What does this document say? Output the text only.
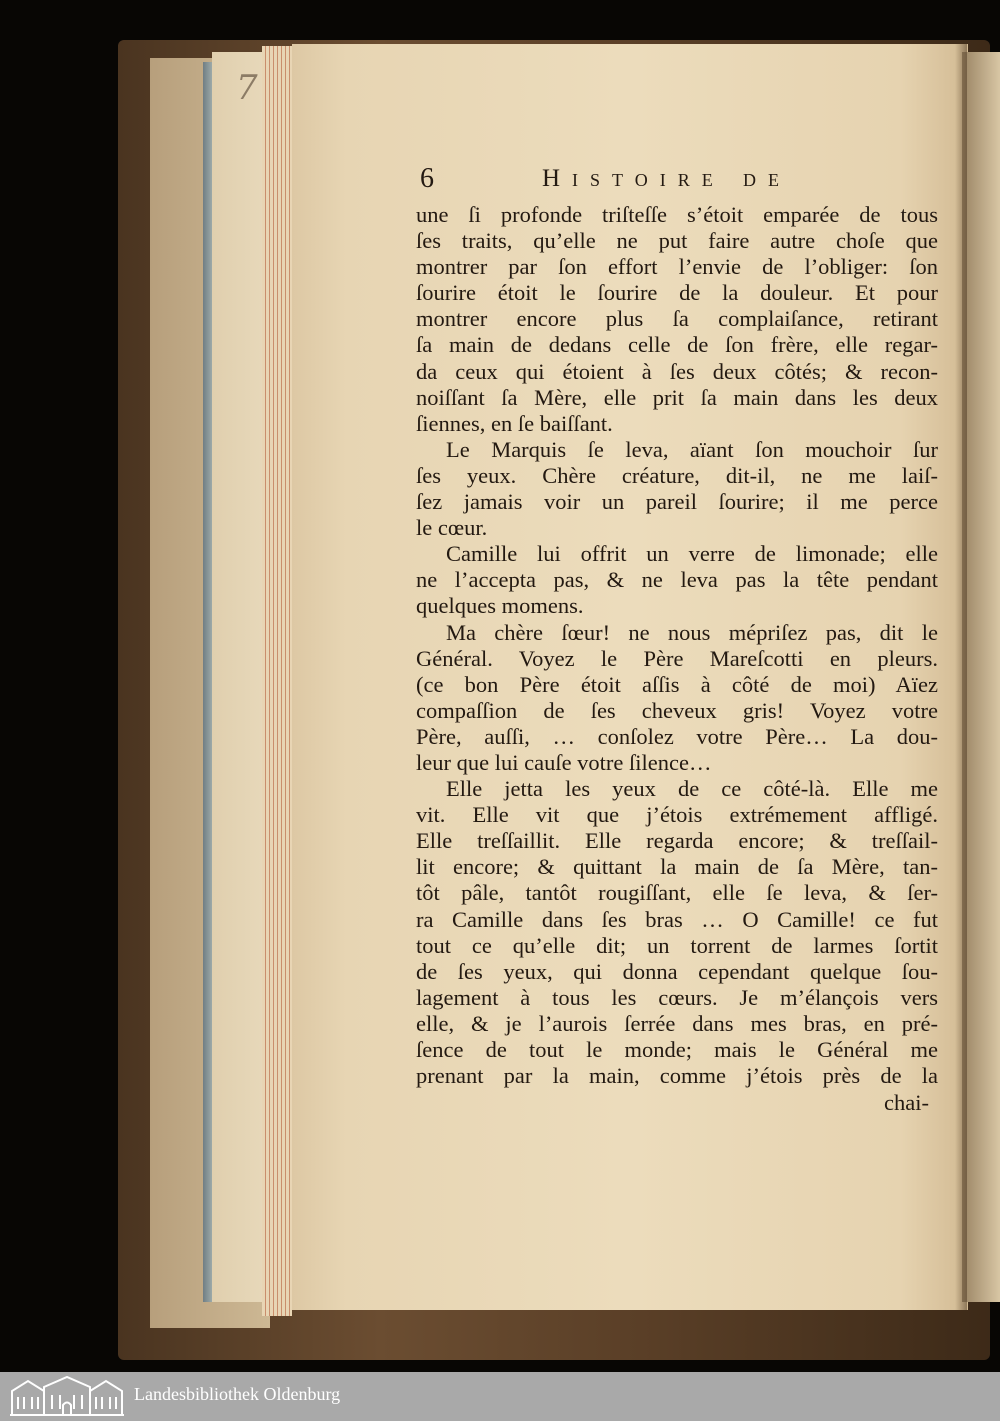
7
6	Histoire de
une ſi profonde triſteſſe s’étoit emparée de tous
ſes traits, qu’elle ne put faire autre choſe que
montrer par ſon effort l’envie de l’obliger: ſon
ſourire étoit le ſourire de la douleur. Et pour
montrer encore plus ſa complaiſance, retirant
ſa main de dedans celle de ſon frère, elle regar-
da ceux qui étoient à ſes deux côtés; & recon-
noiſſant ſa Mère, elle prit ſa main dans les deux
ſiennes, en ſe baiſſant.
Le Marquis ſe leva, aïant ſon mouchoir ſur
ſes yeux. Chère créature, dit-il, ne me laiſ-
ſez jamais voir un pareil ſourire; il me perce
le cœur.
Camille lui offrit un verre de limonade; elle
ne l’accepta pas, & ne leva pas la tête pendant
quelques momens.
Ma chère ſœur! ne nous mépriſez pas, dit le
Général. Voyez le Père Mareſcotti en pleurs.
(ce bon Père étoit aſſis à côté de moi) Aïez
compaſſion de ſes cheveux gris! Voyez votre
Père, auſſi, … conſolez votre Père… La dou-
leur que lui cauſe votre ſilence…
Elle jetta les yeux de ce côté-là. Elle me
vit. Elle vit que j’étois extrémement affligé.
Elle treſſaillit. Elle regarda encore; & treſſail-
lit encore; & quittant la main de ſa Mère, tan-
tôt pâle, tantôt rougiſſant, elle ſe leva, & ſer-
ra Camille dans ſes bras … O Camille! ce fut
tout ce qu’elle dit; un torrent de larmes ſortit
de ſes yeux, qui donna cependant quelque ſou-
lagement à tous les cœurs. Je m’élançois vers
elle, & je l’aurois ſerrée dans mes bras, en pré-
ſence de tout le monde; mais le Général me
prenant par la main, comme j’étois près de la
chai-
Landesbibliothek Oldenburg
